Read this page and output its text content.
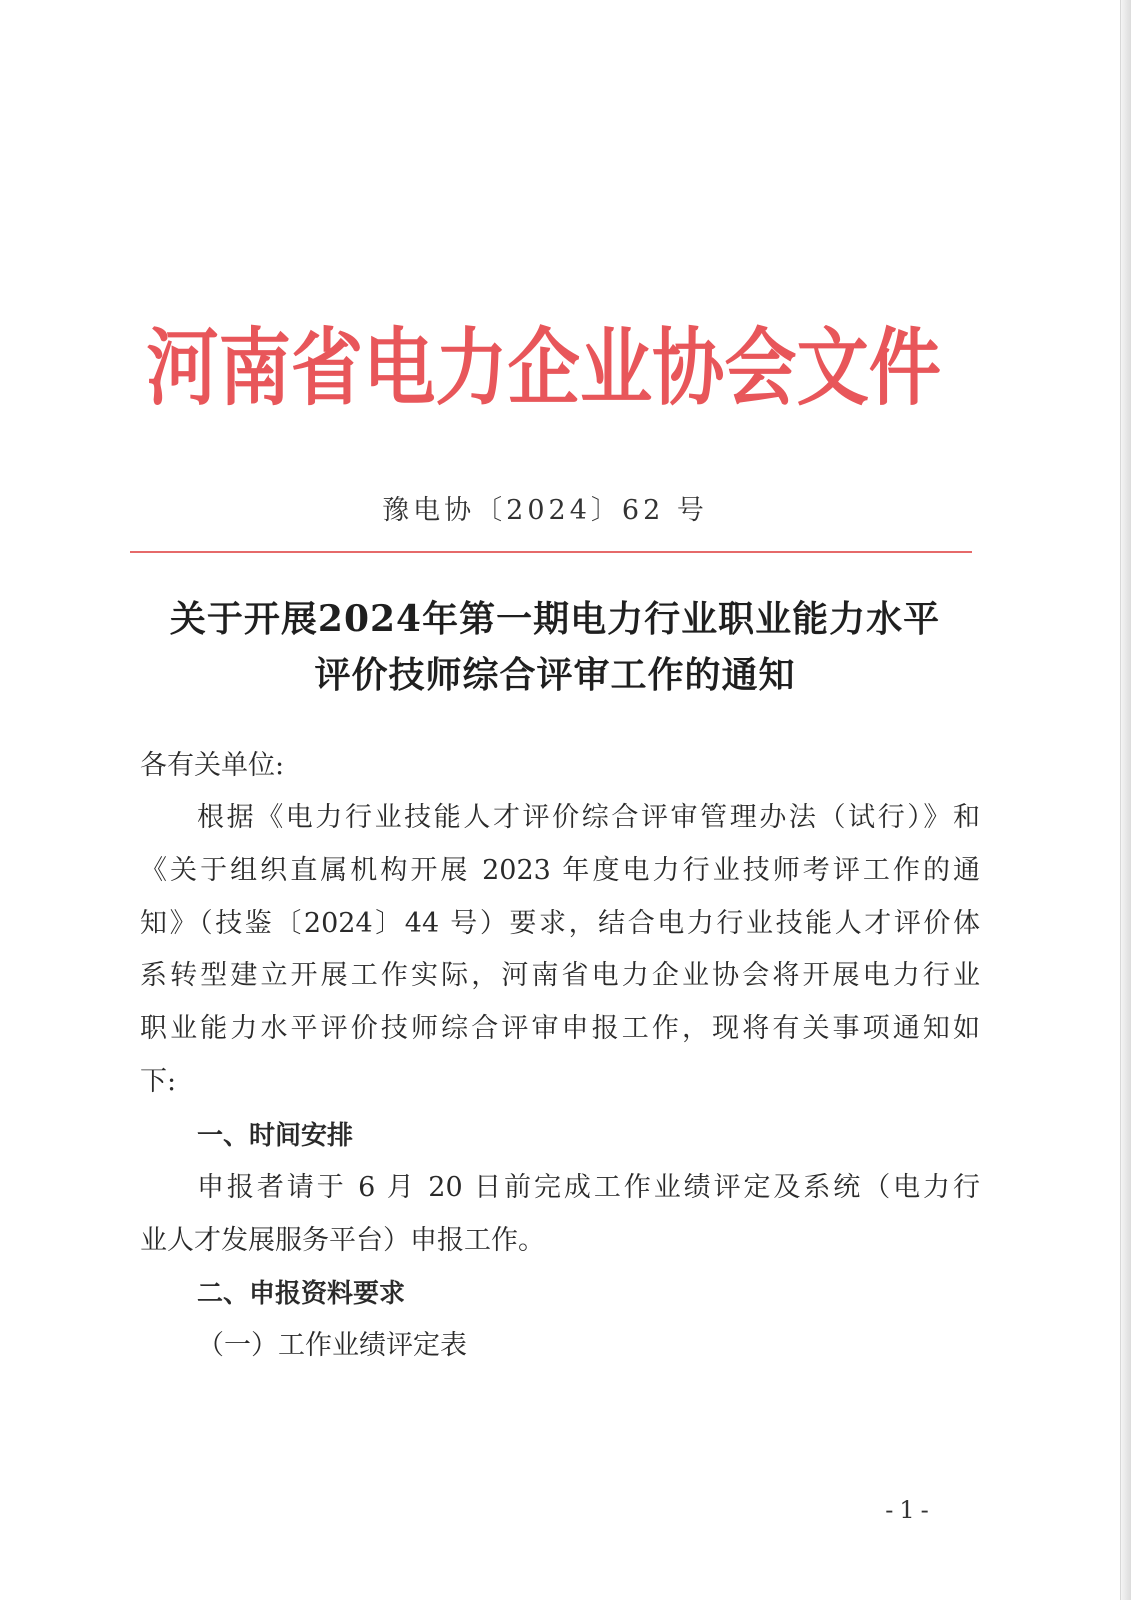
河南省电力企业协会文件
豫电协〔2024〕62 号
关于开展2024年第一期电力行业职业能力水平
评价技师综合评审工作的通知
各有关单位:
根据《电力行业技能人才评价综合评审管理办法（试行）》和
《关于组织直属机构开展 2023 年度电力行业技师考评工作的通
知》（技鉴〔2024〕44 号）要求，结合电力行业技能人才评价体
系转型建立开展工作实际，河南省电力企业协会将开展电力行业
职业能力水平评价技师综合评审申报工作，现将有关事项通知如
下:
一、时间安排
申报者请于 6 月 20 日前完成工作业绩评定及系统（电力行
业人才发展服务平台）申报工作。
二、申报资料要求
（一）工作业绩评定表
-1-
